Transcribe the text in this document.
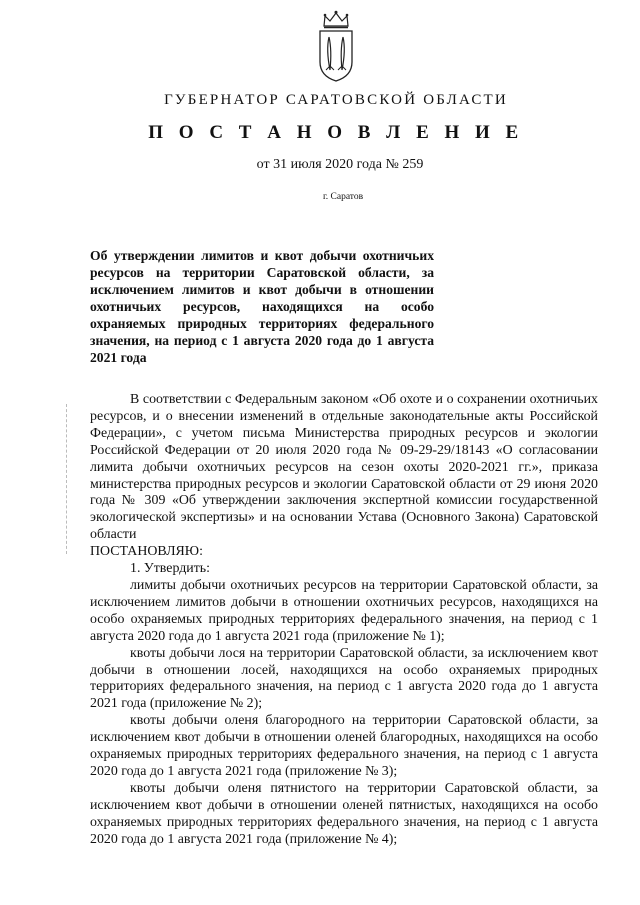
ГУБЕРНАТОР САРАТОВСКОЙ ОБЛАСТИ
П О С Т А Н О В Л Е Н И Е
от 31 июля 2020 года № 259
г. Саратов
Об утверждении лимитов и квот добычи охотничьих ресурсов на территории Саратовской области, за исключением лимитов и квот добычи в отношении охотничьих ресурсов, находящихся на особо охраняемых природных территориях федерального значения, на период с 1 августа 2020 года до 1 августа 2021 года

В соответствии с Федеральным законом «Об охоте и о сохранении охотничьих ресурсов, и о внесении изменений в отдельные законодательные акты Российской Федерации», с учетом письма Министерства природных ресурсов и экологии Российской Федерации от 20 июля 2020 года № 09-29-29/18143 «О согласовании лимита добычи охотничьих ресурсов на сезон охоты 2020-2021 гг.», приказа министерства природных ресурсов и экологии Саратовской области от 29 июня 2020 года № 309 «Об утверждении заключения экспертной комиссии государственной экологической экспертизы» и на основании Устава (Основного Закона) Саратовской области

ПОСТАНОВЛЯЮ:

1. Утвердить:

лимиты добычи охотничьих ресурсов на территории Саратовской области, за исключением лимитов добычи в отношении охотничьих ресурсов, находящихся на особо охраняемых природных территориях федерального значения, на период с 1 августа 2020 года до 1 августа 2021 года (приложение № 1);

квоты добычи лося на территории Саратовской области, за исключением квот добычи в отношении лосей, находящихся на особо охраняемых природных территориях федерального значения, на период с 1 августа 2020 года до 1 августа 2021 года (приложение № 2);

квоты добычи оленя благородного на территории Саратовской области, за исключением квот добычи в отношении оленей благородных, находящихся на особо охраняемых природных территориях федерального значения, на период с 1 августа 2020 года до 1 августа 2021 года (приложение № 3);

квоты добычи оленя пятнистого на территории Саратовской области, за исключением квот добычи в отношении оленей пятнистых, находящихся на особо охраняемых природных территориях федерального значения, на период с 1 августа 2020 года до 1 августа 2021 года (приложение № 4);
